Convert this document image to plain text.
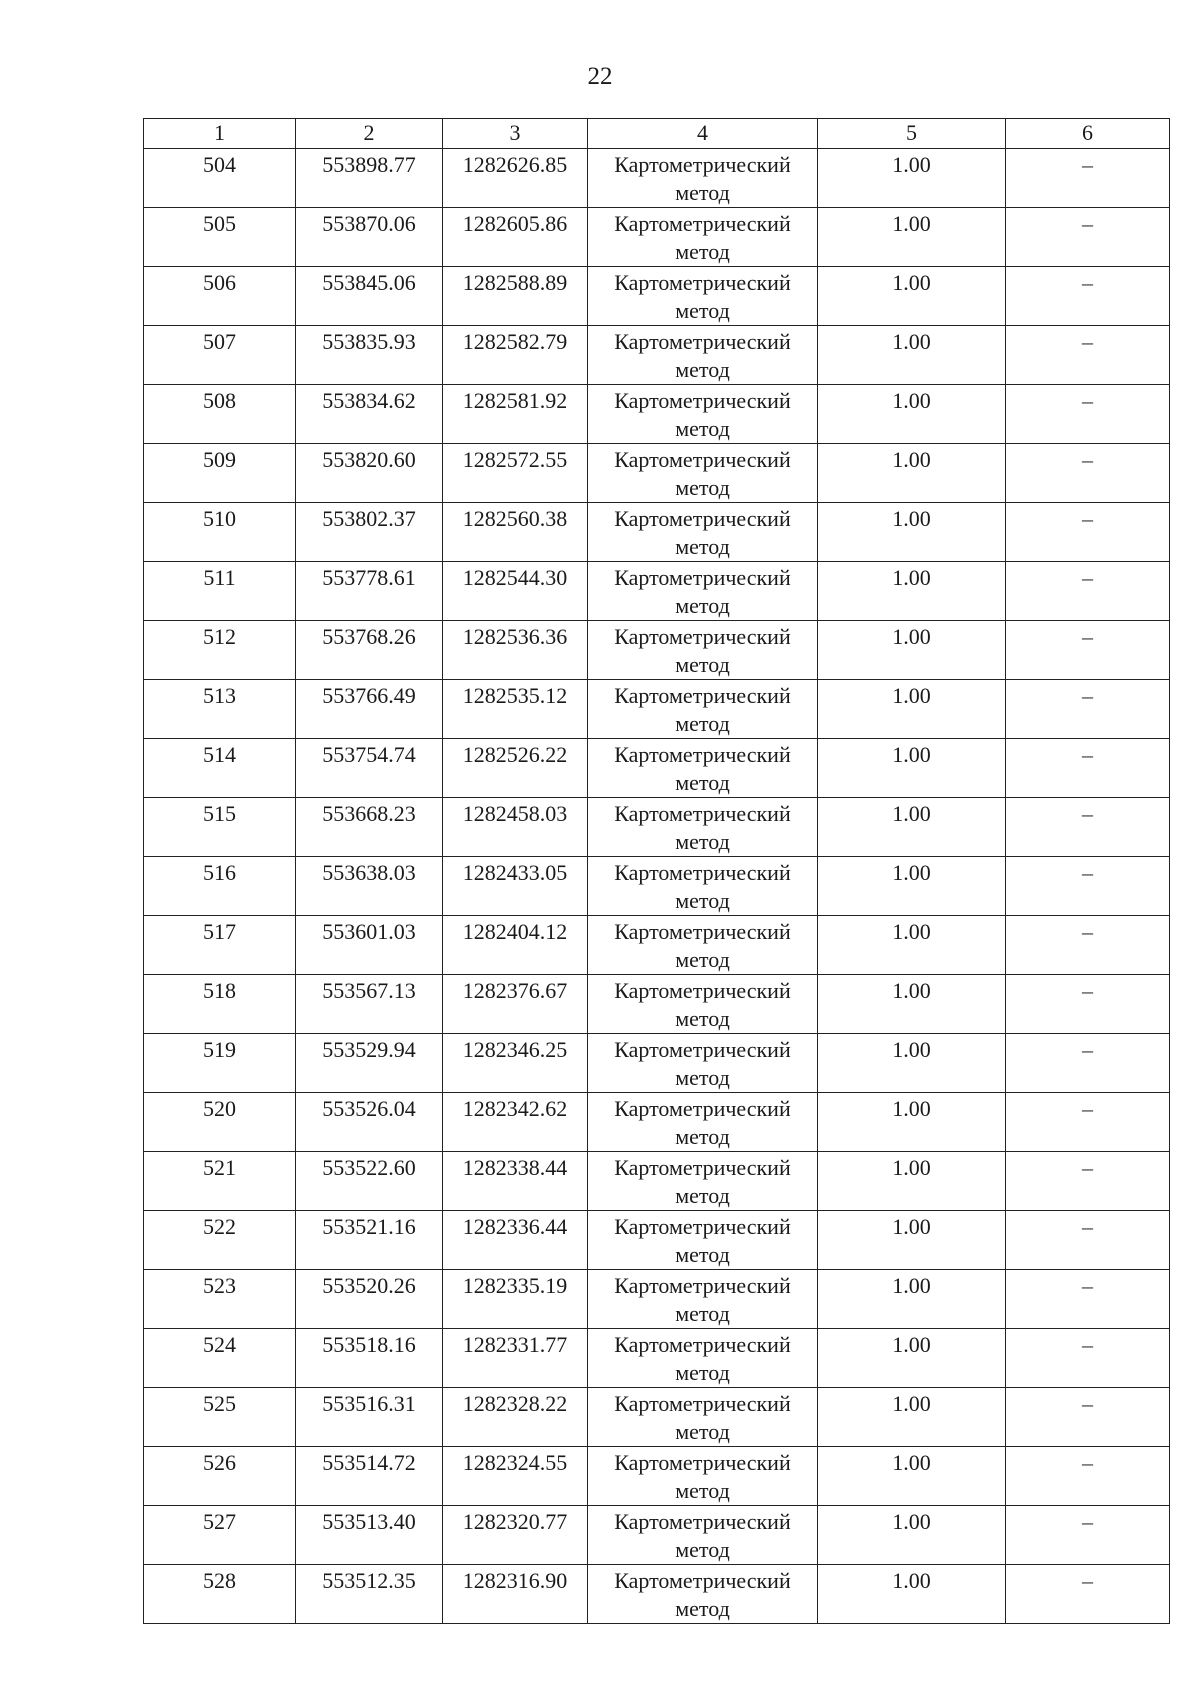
22
1	2	3	4	5	6
504	553898.77	1282626.85	Картометрический метод	1.00	–
505	553870.06	1282605.86	Картометрический метод	1.00	–
506	553845.06	1282588.89	Картометрический метод	1.00	–
507	553835.93	1282582.79	Картометрический метод	1.00	–
508	553834.62	1282581.92	Картометрический метод	1.00	–
509	553820.60	1282572.55	Картометрический метод	1.00	–
510	553802.37	1282560.38	Картометрический метод	1.00	–
511	553778.61	1282544.30	Картометрический метод	1.00	–
512	553768.26	1282536.36	Картометрический метод	1.00	–
513	553766.49	1282535.12	Картометрический метод	1.00	–
514	553754.74	1282526.22	Картометрический метод	1.00	–
515	553668.23	1282458.03	Картометрический метод	1.00	–
516	553638.03	1282433.05	Картометрический метод	1.00	–
517	553601.03	1282404.12	Картометрический метод	1.00	–
518	553567.13	1282376.67	Картометрический метод	1.00	–
519	553529.94	1282346.25	Картометрический метод	1.00	–
520	553526.04	1282342.62	Картометрический метод	1.00	–
521	553522.60	1282338.44	Картометрический метод	1.00	–
522	553521.16	1282336.44	Картометрический метод	1.00	–
523	553520.26	1282335.19	Картометрический метод	1.00	–
524	553518.16	1282331.77	Картометрический метод	1.00	–
525	553516.31	1282328.22	Картометрический метод	1.00	–
526	553514.72	1282324.55	Картометрический метод	1.00	–
527	553513.40	1282320.77	Картометрический метод	1.00	–
528	553512.35	1282316.90	Картометрический метод	1.00	–
